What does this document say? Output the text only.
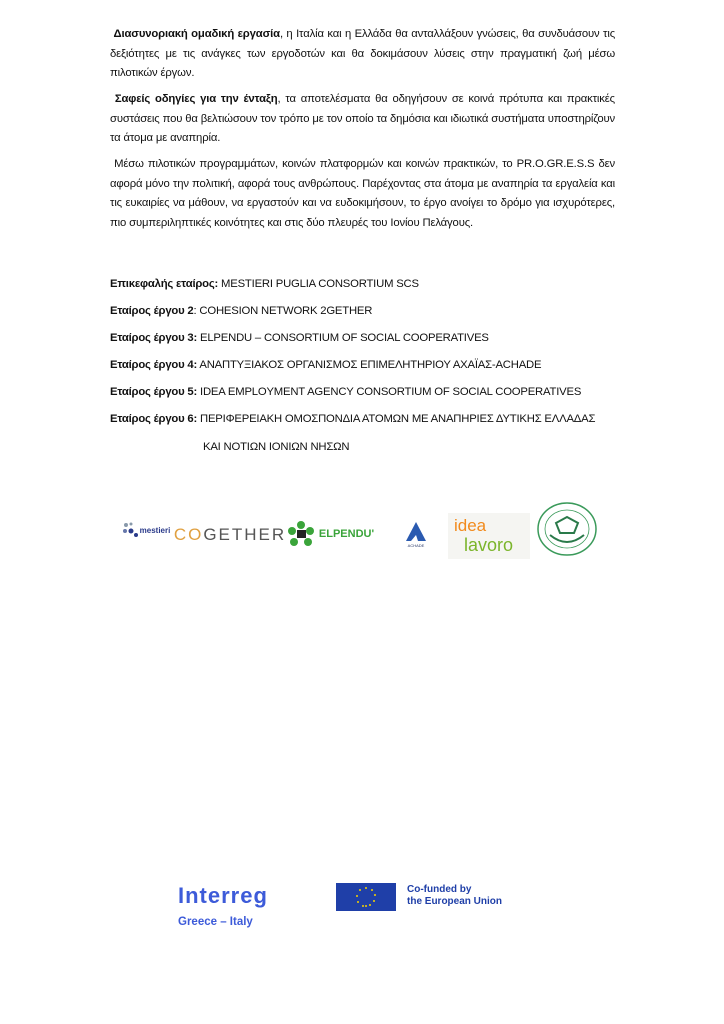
Διασυνοριακή ομαδική εργασία, η Ιταλία και η Ελλάδα θα ανταλλάξουν γνώσεις, θα συνδυάσουν τις δεξιότητες με τις ανάγκες των εργοδοτών και θα δοκιμάσουν λύσεις στην πραγματική ζωή μέσω πιλοτικών έργων.
Σαφείς οδηγίες για την ένταξη, τα αποτελέσματα θα οδηγήσουν σε κοινά πρότυπα και πρακτικές συστάσεις που θα βελτιώσουν τον τρόπο με τον οποίο τα δημόσια και ιδιωτικά συστήματα υποστηρίζουν τα άτομα με αναπηρία.
Μέσω πιλοτικών προγραμμάτων, κοινών πλατφορμών και κοινών πρακτικών, το PR.O.GR.E.S.S δεν αφορά μόνο την πολιτική, αφορά τους ανθρώπους. Παρέχοντας στα άτομα με αναπηρία τα εργαλεία και τις ευκαιρίες να μάθουν, να εργαστούν και να ευδοκιμήσουν, το έργο ανοίγει το δρόμο για ισχυρότερες, πιο συμπεριληπτικές κοινότητες και στις δύο πλευρές του Ιονίου Πελάγους.
Επικεφαλής εταίρος: MESTIERI PUGLIA CONSORTIUM SCS
Εταίρος έργου 2: COHESION NETWORK 2GETHER
Εταίρος έργου 3: ELPENDU – CONSORTIUM OF SOCIAL COOPERATIVES
Εταίρος έργου 4: ΑΝΑΠΤΥΞΙΑΚΟΣ ΟΡΓΑΝΙΣΜΟΣ ΕΠΙΜΕΛΗΤΗΡΙΟΥ ΑΧΑΪΑΣ-ACHADE
Εταίρος έργου 5: IDEA EMPLOYMENT AGENCY CONSORTIUM OF SOCIAL COOPERATIVES
Εταίρος έργου 6: ΠΕΡΙΦΕΡΕΙΑΚΗ ΟΜΟΣΠΟΝΔΙΑ ΑΤΟΜΩΝ ΜΕ ΑΝΑΠΗΡΙΕΣ ΔΥΤΙΚΗΣ ΕΛΛΑΔΑΣ
ΚΑΙ ΝΟΤΙΩΝ ΙΟΝΙΩΝ ΝΗΣΩΝ
mestieri CO GETHER	ELPENDU'
ACHADE
idea
lavoro
Interreg
Greece – Italy
Co-funded by
the European Union
